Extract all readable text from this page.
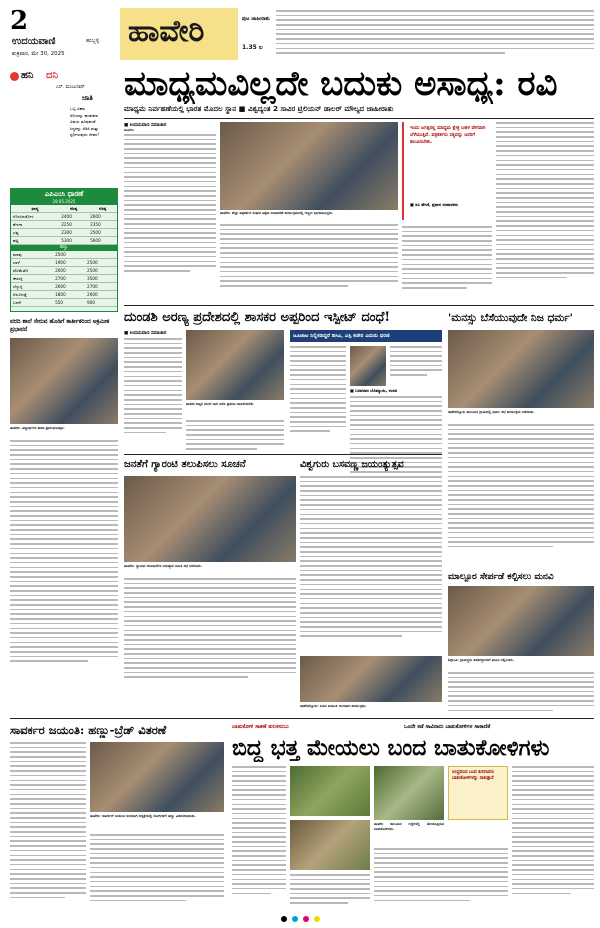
2
ಉದಯವಾಣಿ
ಶುಕ್ರವಾರ, ಮೇ 30, 2025
ಹುಬ್ಬಳ್ಳಿ ಹಾವೇರಿ	ಪುಟ ಜಾಹೀರಾತು
1.35 ಲ
ಹನಿ ದನಿ
ಎಸ್. ಮಂಜುನಾಥ್
ಜಾತಿ
ಒಬ್ಬ ವಿಕಾಸ
ಅನಿಯನ್ನು ಹುಡುಕುವ
ವಿಷಯ ತೂಪುವಂತೆ
ಸಿದ್ಧರನ್ನು ಅಡಿಸಿ ಮತ್ತು
ಸ್ಪರ್ಧಿಸುವುದು ಜೀವನ!
ಎಪಿಎಂಸಿ ಧಾರಣೆ
28.05.2025
ಧಾನ್ಯ	ಕನಿಷ್ಠ	ಗರಿಷ್ಠ
ಗೋವಿನಜೋಳ	2400	2600
ಶೇಂಗಾ	2250	2350
ಭತ್ತ	2300	2500
ಹತ್ತಿ	5300	5600
ಹಣ್ಣು
ಮಾವು	2500	
ಬಾಳೆ	1900	2500
ಟೊಮೆಟೊ	2000	2500
ಈರುಳ್ಳಿ	2700	3500
ಬೆಳ್ಳುಳ್ಳಿ	2600	2700
ಆಲೂಗಡ್ಡೆ	1800	2600
ಬದನೆ	550	900
ಮಾಧ್ಯಮವಿಲ್ಲದೇ ಬದುಕು ಅಸಾಧ್ಯ: ರವಿ
ಮಾಧ್ಯಮ ನಿರ್ವಹಣೆಯಲ್ಲಿ ಭಾರತ ಮೊದಲ ಸ್ಥಾನ ■ ವಿಶ್ವದ್ಯಂತ 2 ಸಾವಿರ ಟ್ರಿಲಿಯನ್ ಡಾಲರ್ ಮೌಲ್ಯದ ಜಾಹೀರಾತು
■ ಉದಯವಾಣಿ ಸಮಾಚಾರ
ಹಾವೇರಿ:
ಹಾವೇರಿ: ಜಿಲ್ಲಾ ಪತ್ರಕರ್ತರ ಸಂಘದ ಪತ್ರಿಕಾ ದಿನಾಚರಣೆ ಕಾರ್ಯಕ್ರಮದಲ್ಲಿ ಗಣ್ಯರು ಭಾಗವಹಿಸಿದ್ದರು.
ಇಂದು ಜಗತ್ತಿನಲ್ಲಿ ಮಾಧ್ಯಮ ಕ್ಷೇತ್ರ ಬಹಳ ವೇಗವಾಗಿ ಬೆಳೆಯುತ್ತಿದೆ. ಪತ್ರಕರ್ತರು ಸತ್ಯವನ್ನು ಜನರಿಗೆ ತಲುಪಿಸಬೇಕು.
■ ರವಿ ಹೆಗಡೆ, ಪ್ರಧಾನ ಸಂಪಾದಕರು
ದುಂಡಶಿ ಅರಣ್ಯ ಪ್ರದೇಶದಲ್ಲಿ ಶಾಸಕರ ಅಪ್ಪರಿಂದ ಇಸ್ಪೀಟ್ ದಂಧೆ!	'ಮನಸ್ಸು ಬೆಸೆಯುವುದೇ ನಿಜ ಧರ್ಮ'
■ ಉದಯವಾಣಿ ಸಮಾಚಾರ
ಶಾಸಕರ ಆಪ್ತನ ಮೇಲೆ ದಾಳಿ ನಡೆಸಿ ಪ್ರಕರಣ ದಾಖಲಿಸಬೇಕು
ಜೂಜಾಟ ನಿಲ್ಲಿಸದಿದ್ದರೆ ಡಿಸಿಎ, ಎಸ್ಪಿ ಕಚೇರಿ ಎದುರು ಧರಣಿ
■ ಬಸವರಾಜ ಬೊಮ್ಮಾಯಿ, ಸಂಸದ
ರಾಣೇಬೆನ್ನೂರು ತಾಲೂಕಿನ ಗ್ರಾಮದಲ್ಲಿ ಧರ್ಮ ಸಭೆ ಕಾರ್ಯಕ್ರಮ ನಡೆಯಿತು.
ವರದಿ ಶಾಲೆ ಸೇರುವ ಹೊಡಿಗೆ ಕಾರ್ತೀಕರಿಂದ ಆಕ್ರಮೀಕ ಪ್ರಭಾವನೆ
ಹಾವೇರಿ: ವಿದ್ಯಾರ್ಥಿಗಳ ಶಾಲಾ ಪ್ರಾರಂಭೋತ್ಸವ.
ಜನತೆಗೆ ಗ್ಯಾರಂಟಿ ತಲುಪಿಸಲು ಸೂಚನೆ	ವಿಶ್ವಗುರು ಬಸವಣ್ಣ ಜಯಂತ್ಯುತ್ಸವ
ಹಾವೇರಿ: ಗ್ಯಾರಂಟಿ ಯೋಜನೆಗಳ ಅನುಷ್ಠಾನ ಸಮಿತಿ ಸಭೆ ನಡೆಯಿತು.
ರಾಣೇಬೆನ್ನೂರು: ಬಸವ ಜಯಂತಿ ಅಂಗವಾಗಿ ಕಾರ್ಯಕ್ರಮ.
ಮಾಲ್ಪೂರ ಸೇರ್ಪಡೆ ಕಲ್ಪಿಸಲು ಮನವಿ
ಶಿಗ್ಗಾಂವಿ: ಗ್ರಾಮಸ್ಥರು ತಹಶೀಲ್ದಾರರಿಗೆ ಮನವಿ ಸಲ್ಲಿಸಿದರು.
ಸಾವರ್ಕರ ಜಯಂತಿ: ಹಣ್ಣು-ಬ್ರೆಡ್ ವಿತರಣೆ	ಬಾತುಕೋಳಿ ಸಾಕಣೆ ಕುಲಕಸುಬು	ಒಂದೇ ಕಡೆ ಸಾವಿರಾರು ಬಾತುಕೋಳಿಗಳ ಸಾಕಾಣಿಕೆ
ಬಿದ್ದ ಭತ್ತ ಮೇಯಲು ಬಂದ ಬಾತುಕೋಳಿಗಳು
ಹಾವೇರಿ: ಸಾವರ್ಕರ್ ಜಯಂತಿ ಅಂಗವಾಗಿ ಆಸ್ಪತ್ರೆಯಲ್ಲಿ ರೋಗಿಗಳಿಗೆ ಹಣ್ಣು ವಿತರಿಸಲಾಯಿತು.
ಹಾವೇರಿ ತಾಲೂಕಿನ ಗದ್ದೆಗಳಲ್ಲಿ ಮೇಯುತ್ತಿರುವ ಬಾತುಕೋಳಿಗಳು.
ಆಂಧ್ರದಿಂದ ಬಂದ ಕುರಿಗಾರರು ಬಾತುಕೋಳಿಗಳನ್ನು ಸಾಕುತ್ತಾರೆ
